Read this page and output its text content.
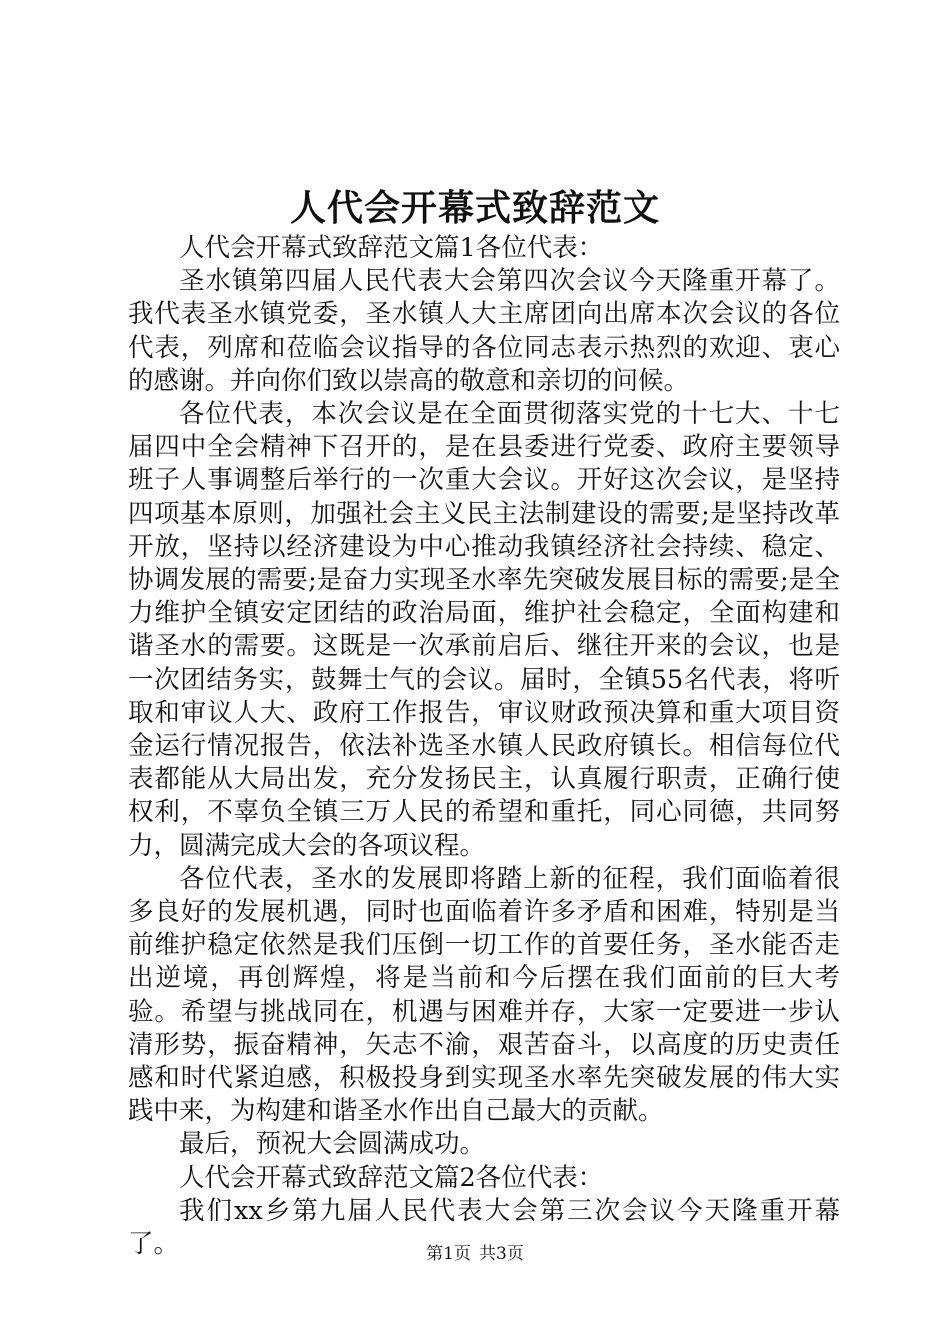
人代会开幕式致辞范文

人代会开幕式致辞范文篇1各位代表：

圣水镇第四届人民代表大会第四次会议今天隆重开幕了。我代表圣水镇党委，圣水镇人大主席团向出席本次会议的各位代表，列席和莅临会议指导的各位同志表示热烈的欢迎、衷心的感谢。并向你们致以崇高的敬意和亲切的问候。

各位代表，本次会议是在全面贯彻落实党的十七大、十七届四中全会精神下召开的，是在县委进行党委、政府主要领导班子人事调整后举行的一次重大会议。开好这次会议，是坚持四项基本原则，加强社会主义民主法制建设的需要;是坚持改革开放，坚持以经济建设为中心推动我镇经济社会持续、稳定、协调发展的需要;是奋力实现圣水率先突破发展目标的需要;是全力维护全镇安定团结的政治局面，维护社会稳定，全面构建和谐圣水的需要。这既是一次承前启后、继往开来的会议，也是一次团结务实，鼓舞士气的会议。届时，全镇55名代表，将听取和审议人大、政府工作报告，审议财政预决算和重大项目资金运行情况报告，依法补选圣水镇人民政府镇长。相信每位代表都能从大局出发，充分发扬民主，认真履行职责，正确行使权利，不辜负全镇三万人民的希望和重托，同心同德，共同努力，圆满完成大会的各项议程。

各位代表，圣水的发展即将踏上新的征程，我们面临着很多良好的发展机遇，同时也面临着许多矛盾和困难，特别是当前维护稳定依然是我们压倒一切工作的首要任务，圣水能否走出逆境，再创辉煌，将是当前和今后摆在我们面前的巨大考验。希望与挑战同在，机遇与困难并存，大家一定要进一步认清形势，振奋精神，矢志不渝，艰苦奋斗，以高度的历史责任感和时代紧迫感，积极投身到实现圣水率先突破发展的伟大实践中来，为构建和谐圣水作出自己最大的贡献。

最后，预祝大会圆满成功。

人代会开幕式致辞范文篇2各位代表：

我们xx乡第九届人民代表大会第三次会议今天隆重开幕了。	第1页 共3页
